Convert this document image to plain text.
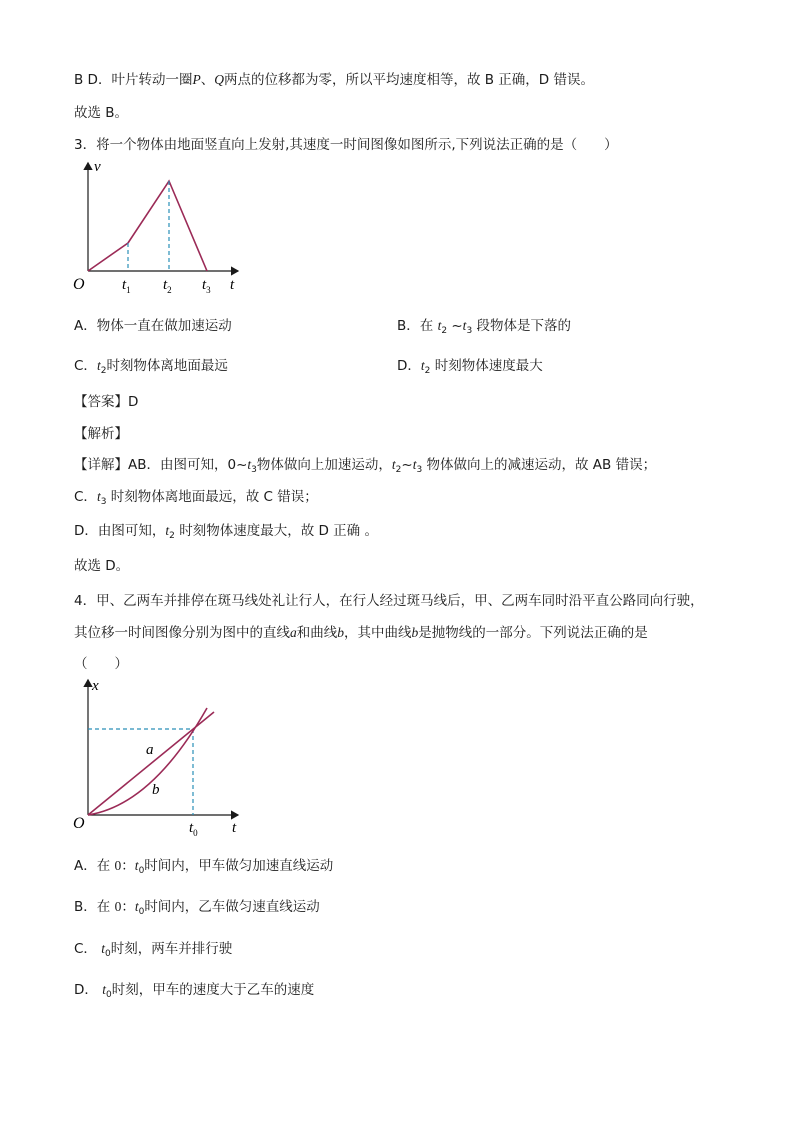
B D．叶片转动一圈P、Q两点的位移都为零，所以平均速度相等，故 B 正确，D 错误。
故选 B。
3．将一个物体由地面竖直向上发射,其速度一时间图像如图所示,下列说法正确的是（　　）
v
O $t_1$ $t_2$ $t_3$ t
A．物体一直在做加速运动	B．在 $t_2$ $\sim t_3$ 段物体是下落的
C．$t_2$时刻物体离地面最远	D．$t_2$ 时刻物体速度最大
【答案】D
【解析】
【详解】AB．由图可知，$0\sim t_3$物体做向上加速运动，$t_2\sim t_3$ 物体做向上的减速运动，故 AB 错误；
C．$t_3$ 时刻物体离地面最远，故 C 错误；
D．由图可知，$t_2$ 时刻物体速度最大，故 D 正确 。
故选 D。
4．甲、乙两车并排停在斑马线处礼让行人，在行人经过斑马线后，甲、乙两车同时沿平直公路同向行驶，
其位移一时间图像分别为图中的直线a和曲线b，其中曲线b是抛物线的一部分。下列说法正确的是
（　　）
x
O
a
b
$t_0$ t
A．在 0：$t_0$时间内，甲车做匀加速直线运动
B．在 0：$t_0$时间内，乙车做匀速直线运动
C． $t_0$时刻，两车并排行驶
D． $t_0$时刻，甲车的速度大于乙车的速度
